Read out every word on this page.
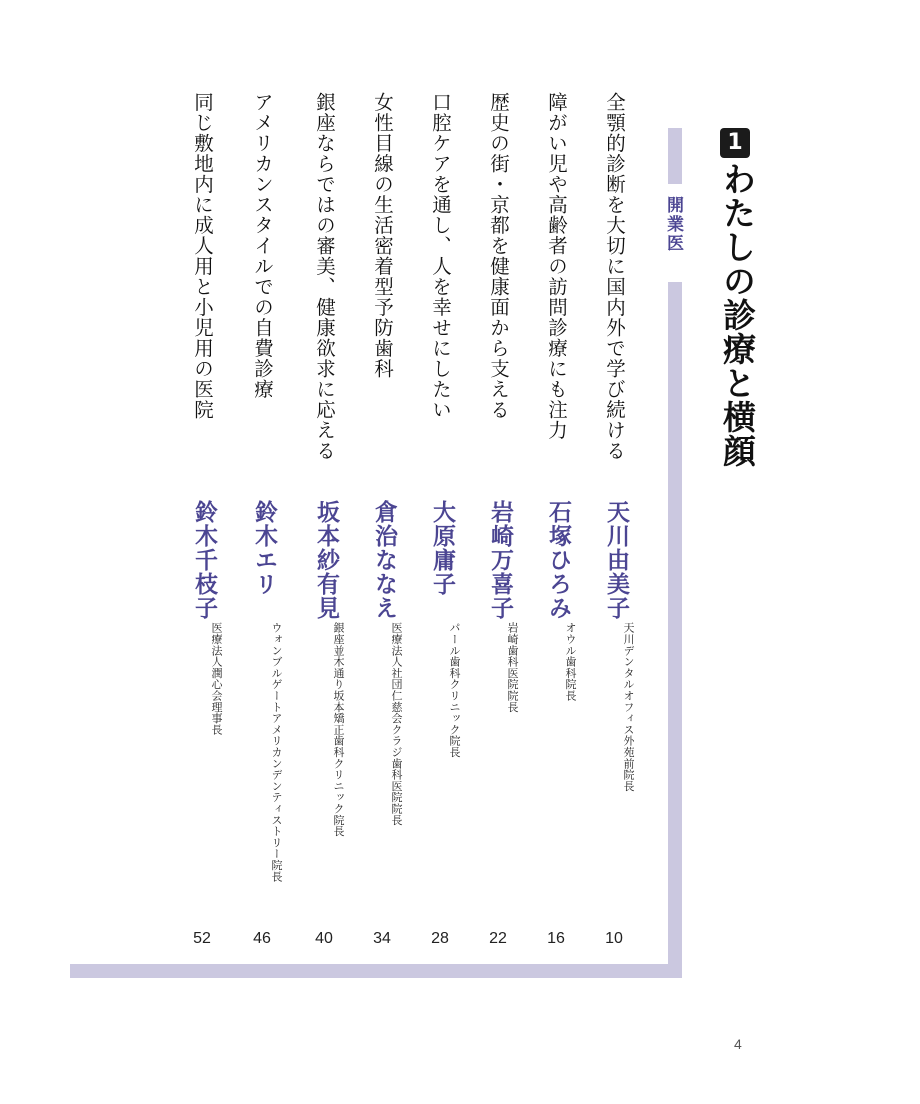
1
わたしの診療と横顔
開業医
全顎的診断を大切に国内外で学び続ける
天川由美子
天川デンタルオフィス外苑前院長
10
障がい児や高齢者の訪問診療にも注力
石塚ひろみ
オウル歯科院長
16
歴史の街・京都を健康面から支える
岩崎万喜子
岩崎歯科医院院長
22
口腔ケアを通し、人を幸せにしたい
大原庸子
パール歯科クリニック院長
28
女性目線の生活密着型予防歯科
倉治ななえ
医療法人社団仁慈会クラジ歯科医院院長
34
銀座ならではの審美、健康欲求に応える
坂本紗有見
銀座並木通り坂本矯正歯科クリニック院長
40
アメリカンスタイルでの自費診療
鈴木エリ
ウォンブルゲートアメリカンデンティストリー院長
46
同じ敷地内に成人用と小児用の医院
鈴木千枝子
医療法人潤心会理事長
52
4
